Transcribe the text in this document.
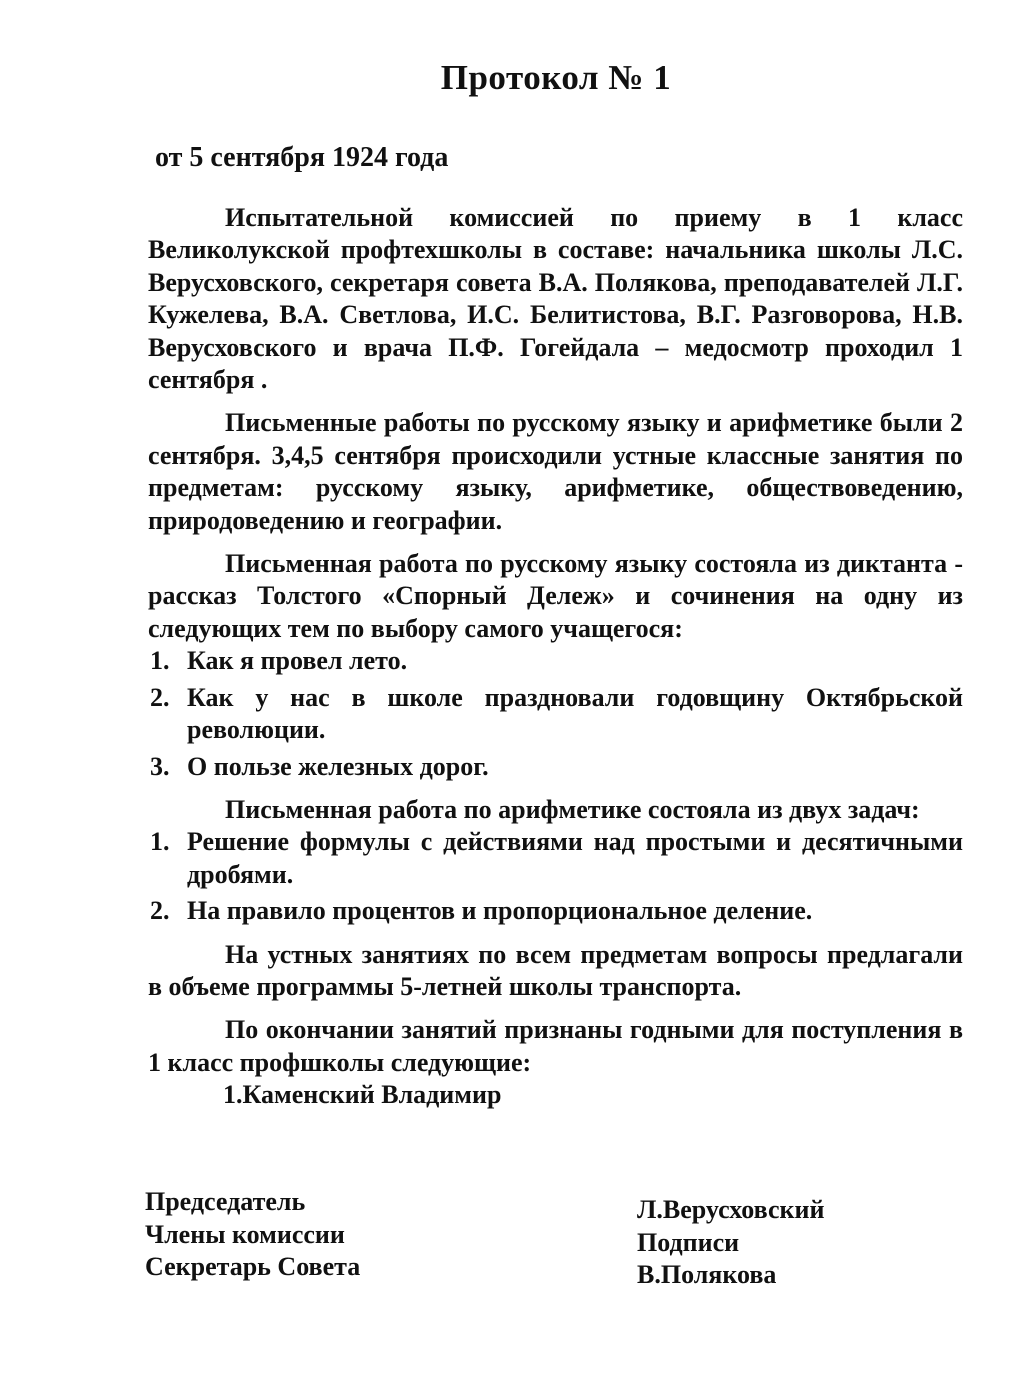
Протокол № 1
от 5 сентября 1924 года

Испытательной комиссией по приему в 1 класс Великолукской профтехшколы в составе: начальника школы Л.С. Верусховского, секретаря совета В.А. Полякова, преподавателей Л.Г. Кужелева, В.А. Светлова, И.С. Белитистова, В.Г. Разговорова, Н.В. Верусховского и врача П.Ф. Гогейдала – медосмотр проходил 1 сентября .

Письменные работы по русскому языку и арифметике были 2 сентября. 3,4,5 сентября происходили устные классные занятия по предметам: русскому языку, арифметике, обществоведению, природоведению и географии.

Письменная работа по русскому языку состояла из диктанта - рассказ Толстого «Спорный Дележ» и сочинения на одну из следующих тем по выбору самого учащегося:

1. Как я провел лето.
2. Как у нас в школе праздновали годовщину Октябрьской революции.
3. О пользе железных дорог.

Письменная работа по арифметике состояла из двух задач:

1. Решение формулы с действиями над простыми и десятичными дробями.
2. На правило процентов и пропорциональное деление.

На устных занятиях по всем предметам вопросы предлагали в объеме программы 5-летней школы транспорта.

По окончании занятий признаны годными для поступления в 1 класс профшколы следующие:

1.Каменский Владимир
Председатель
Члены комиссии
Секретарь Совета
Л.Верусховский
Подписи
В.Полякова
